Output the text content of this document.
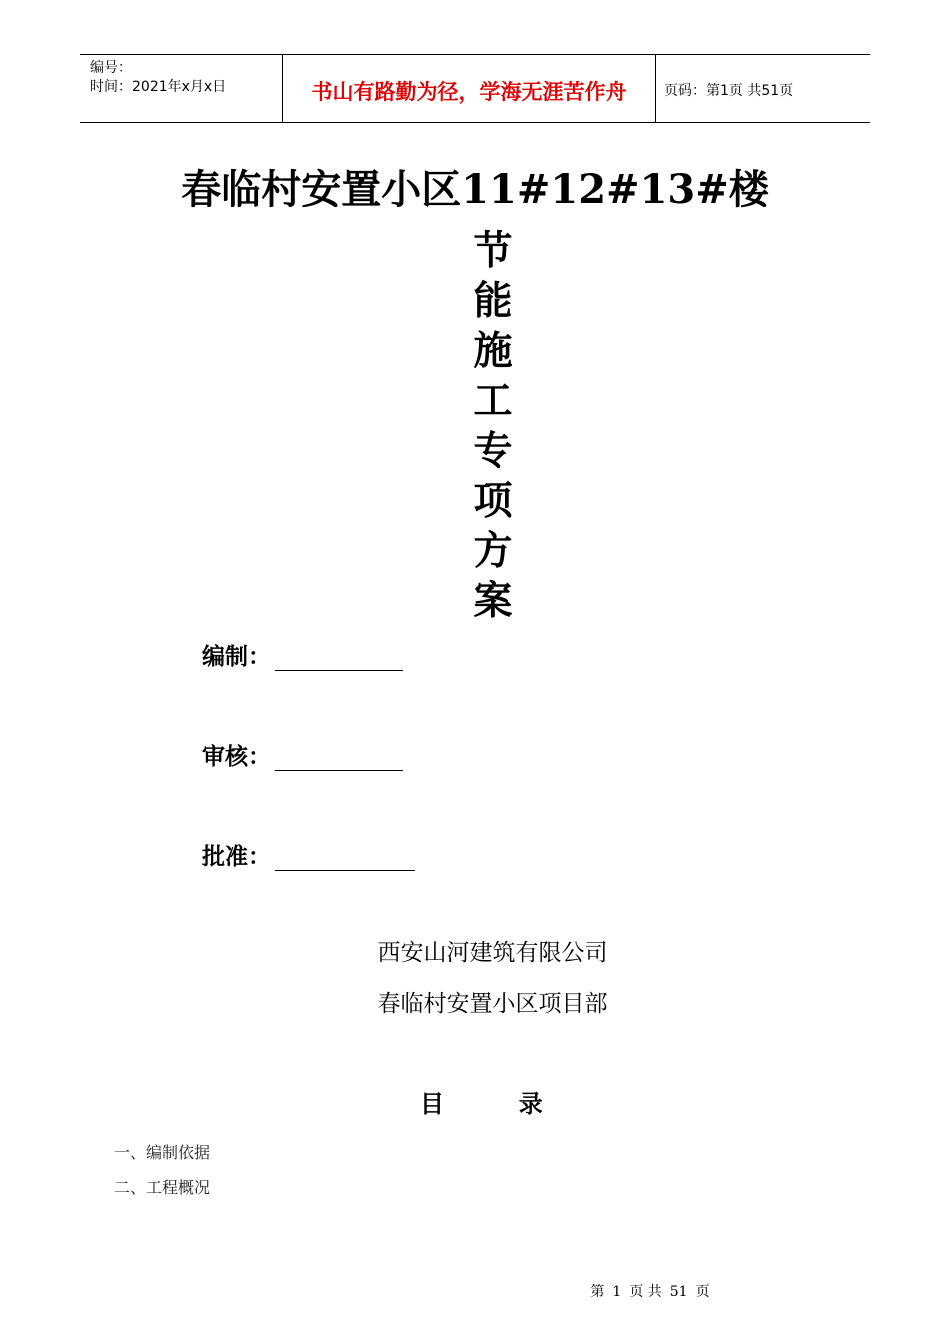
编号：
时间：2021年x月x日	书山有路勤为径，学海无涯苦作舟	页码：第1页 共51页
春临村安置小区11#12#13#楼
节
能
施
工
专
项
方
案
编制：
审核：
批准：
西安山河建筑有限公司
春临村安置小区项目部
目	录
一、编制依据
二、工程概况
第 1 页 共 51 页
